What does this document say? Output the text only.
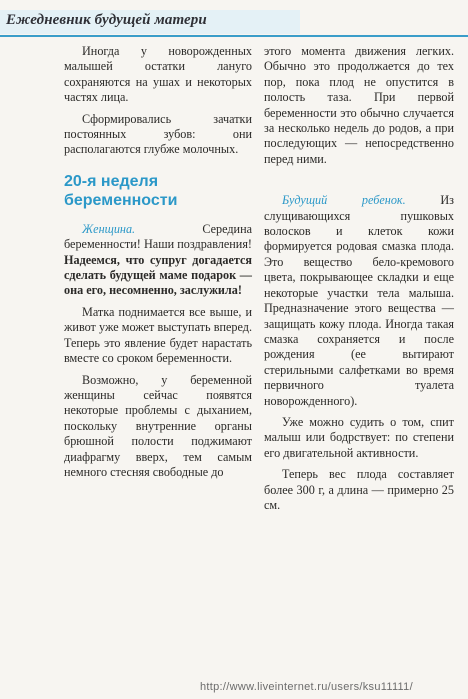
Ежедневник будущей матери

Иногда у новорожденных малышей остатки лануго сохраняются на ушах и некоторых частях лица.

Сформировались зачатки постоянных зубов: они располагаются глубже молочных.

20-я неделя беременности

Женщина. Середина беременности! Наши поздравления! Надеемся, что супруг догадается сделать будущей маме подарок — она его, несомненно, заслужила!

Матка поднимается все выше, и живот уже может выступать вперед. Теперь это явление будет нарастать вместе со сроком беременности.

Возможно, у беременной женщины сейчас появятся некоторые проблемы с дыханием, поскольку внутренние органы брюшной полости поджимают диафрагму вверх, тем самым немного стесняя свободные до

этого момента движения легких. Обычно это продолжается до тех пор, пока плод не опустится в полость таза. При первой беременности это обычно случается за несколько недель до родов, а при последующих — непосредственно перед ними.

Будущий ребенок. Из слущивающихся пушковых волосков и клеток кожи формируется родовая смазка плода. Это вещество бело-кремового цвета, покрывающее складки и еще некоторые участки тела малыша. Предназначение этого вещества — защищать кожу плода. Иногда такая смазка сохраняется и после рождения (ее вытирают стерильными салфетками во время первичного туалета новорожденного).

Уже можно судить о том, спит малыш или бодрствует: по степени его двигательной активности.

Теперь вес плода составляет более 300 г, а длина — примерно 25 см.

http://www.liveinternet.ru/users/ksu11111/
